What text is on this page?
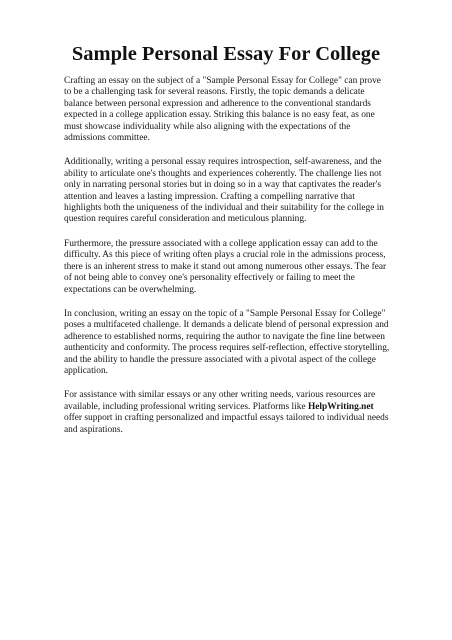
Sample Personal Essay For College

Crafting an essay on the subject of a "Sample Personal Essay for College" can prove to be a challenging task for several reasons. Firstly, the topic demands a delicate balance between personal expression and adherence to the conventional standards expected in a college application essay. Striking this balance is no easy feat, as one must showcase individuality while also aligning with the expectations of the admissions committee.

Additionally, writing a personal essay requires introspection, self-awareness, and the ability to articulate one's thoughts and experiences coherently. The challenge lies not only in narrating personal stories but in doing so in a way that captivates the reader's attention and leaves a lasting impression. Crafting a compelling narrative that highlights both the uniqueness of the individual and their suitability for the college in question requires careful consideration and meticulous planning.

Furthermore, the pressure associated with a college application essay can add to the difficulty. As this piece of writing often plays a crucial role in the admissions process, there is an inherent stress to make it stand out among numerous other essays. The fear of not being able to convey one's personality effectively or failing to meet the expectations can be overwhelming.

In conclusion, writing an essay on the topic of a "Sample Personal Essay for College" poses a multifaceted challenge. It demands a delicate blend of personal expression and adherence to established norms, requiring the author to navigate the fine line between authenticity and conformity. The process requires self-reflection, effective storytelling, and the ability to handle the pressure associated with a pivotal aspect of the college application.

For assistance with similar essays or any other writing needs, various resources are available, including professional writing services. Platforms like HelpWriting.net offer support in crafting personalized and impactful essays tailored to individual needs and aspirations.
